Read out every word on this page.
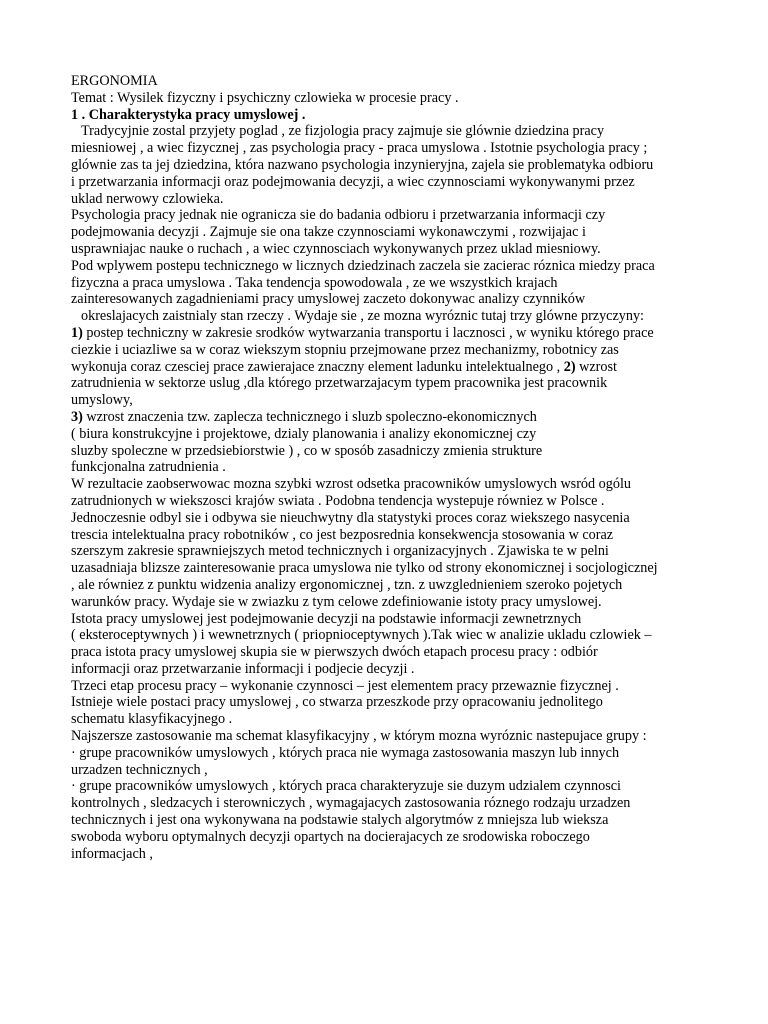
ERGONOMIA
Temat : Wysilek fizyczny i psychiczny czlowieka w procesie pracy .
1 . Charakterystyka pracy umyslowej .
Tradycyjnie zostal przyjety poglad , ze fizjologia pracy zajmuje sie glównie dziedzina pracy
miesniowej , a wiec fizycznej , zas psychologia pracy - praca umyslowa . Istotnie psychologia pracy ;
glównie zas ta jej dziedzina, która nazwano psychologia inzynieryjna, zajela sie problematyka odbioru
i przetwarzania informacji oraz podejmowania decyzji, a wiec czynnosciami wykonywanymi przez
uklad nerwowy czlowieka.
Psychologia pracy jednak nie ogranicza sie do badania odbioru i przetwarzania informacji czy
podejmowania decyzji . Zajmuje sie ona takze czynnosciami wykonawczymi , rozwijajac i
usprawniajac nauke o ruchach , a wiec czynnosciach wykonywanych przez uklad miesniowy.
Pod wplywem postepu technicznego w licznych dziedzinach zaczela sie zacierac róznica miedzy praca
fizyczna a praca umyslowa . Taka tendencja spowodowala , ze we wszystkich krajach
zainteresowanych zagadnieniami pracy umyslowej zaczeto dokonywac analizy czynników
okreslajacych zaistnialy stan rzeczy . Wydaje sie , ze mozna wyróznic tutaj trzy glówne przyczyny:
1) postep techniczny w zakresie srodków wytwarzania transportu i lacznosci , w wyniku którego prace
ciezkie i uciazliwe sa w coraz wiekszym stopniu przejmowane przez mechanizmy, robotnicy zas
wykonuja coraz czesciej prace zawierajace znaczny element ladunku intelektualnego , 2) wzrost
zatrudnienia w sektorze uslug ,dla którego przetwarzajacym typem pracownika jest pracownik
umyslowy,
3) wzrost znaczenia tzw. zaplecza technicznego i sluzb spoleczno-ekonomicznych
( biura konstrukcyjne i projektowe, dzialy planowania i analizy ekonomicznej czy
sluzby spoleczne w przedsiebiorstwie ) , co w sposób zasadniczy zmienia strukture
funkcjonalna zatrudnienia .
W rezultacie zaobserwowac mozna szybki wzrost odsetka pracowników umyslowych wsród ogólu
zatrudnionych w wiekszosci krajów swiata . Podobna tendencja wystepuje równiez w Polsce .
Jednoczesnie odbyl sie i odbywa sie nieuchwytny dla statystyki proces coraz wiekszego nasycenia
trescia intelektualna pracy robotników , co jest bezposrednia konsekwencja stosowania w coraz
szerszym zakresie sprawniejszych metod technicznych i organizacyjnych . Zjawiska te w pelni
uzasadniaja blizsze zainteresowanie praca umyslowa nie tylko od strony ekonomicznej i socjologicznej
, ale równiez z punktu widzenia analizy ergonomicznej , tzn. z uwzglednieniem szeroko pojetych
warunków pracy. Wydaje sie w zwiazku z tym celowe zdefiniowanie istoty pracy umyslowej.
Istota pracy umyslowej jest podejmowanie decyzji na podstawie informacji zewnetrznych
( eksteroceptywnych ) i wewnetrznych ( priopnioceptywnych ).Tak wiec w analizie ukladu czlowiek –
praca istota pracy umyslowej skupia sie w pierwszych dwóch etapach procesu pracy : odbiór
informacji oraz przetwarzanie informacji i podjecie decyzji .
Trzeci etap procesu pracy – wykonanie czynnosci – jest elementem pracy przewaznie fizycznej .
Istnieje wiele postaci pracy umyslowej , co stwarza przeszkode przy opracowaniu jednolitego
schematu klasyfikacyjnego .
Najszersze zastosowanie ma schemat klasyfikacyjny , w którym mozna wyróznic nastepujace grupy :
· grupe pracowników umyslowych , których praca nie wymaga zastosowania maszyn lub innych
urzadzen technicznych ,
· grupe pracowników umyslowych , których praca charakteryzuje sie duzym udzialem czynnosci
kontrolnych , sledzacych i sterowniczych , wymagajacych zastosowania róznego rodzaju urzadzen
technicznych i jest ona wykonywana na podstawie stalych algorytmów z mniejsza lub wieksza
swoboda wyboru optymalnych decyzji opartych na docierajacych ze srodowiska roboczego
informacjach ,
